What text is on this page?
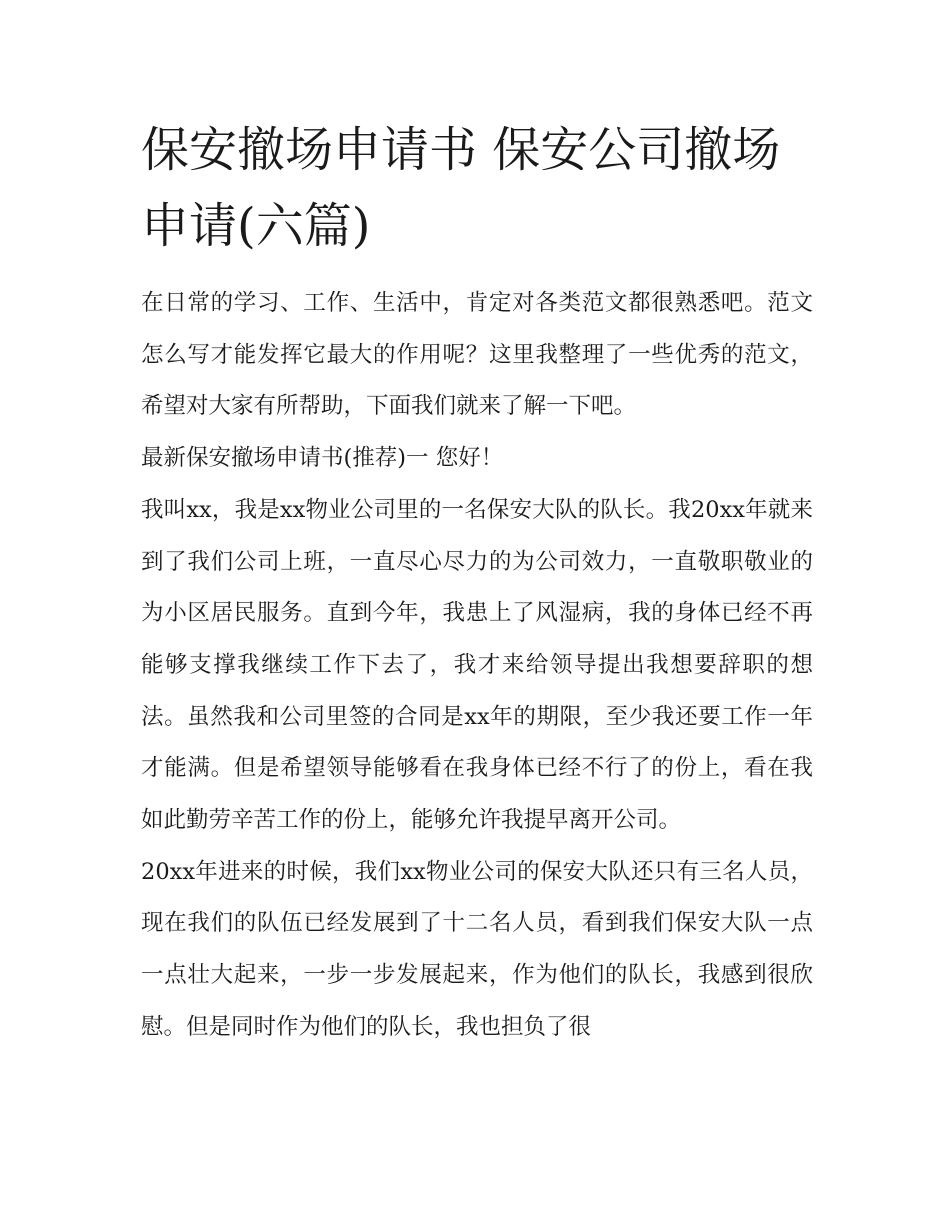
保安撤场申请书 保安公司撤场申请(六篇)

在日常的学习、工作、生活中，肯定对各类范文都很熟悉吧。范文怎么写才能发挥它最大的作用呢？这里我整理了一些优秀的范文，希望对大家有所帮助，下面我们就来了解一下吧。

最新保安撤场申请书(推荐)一 您好！

我叫xx，我是xx物业公司里的一名保安大队的队长。我20xx年就来到了我们公司上班，一直尽心尽力的为公司效力，一直敬职敬业的为小区居民服务。直到今年，我患上了风湿病，我的身体已经不再能够支撑我继续工作下去了，我才来给领导提出我想要辞职的想法。虽然我和公司里签的合同是xx年的期限，至少我还要工作一年才能满。但是希望领导能够看在我身体已经不行了的份上，看在我如此勤劳辛苦工作的份上，能够允许我提早离开公司。

20xx年进来的时候，我们xx物业公司的保安大队还只有三名人员，现在我们的队伍已经发展到了十二名人员，看到我们保安大队一点一点壮大起来，一步一步发展起来，作为他们的队长，我感到很欣慰。但是同时作为他们的队长，我也担负了很
